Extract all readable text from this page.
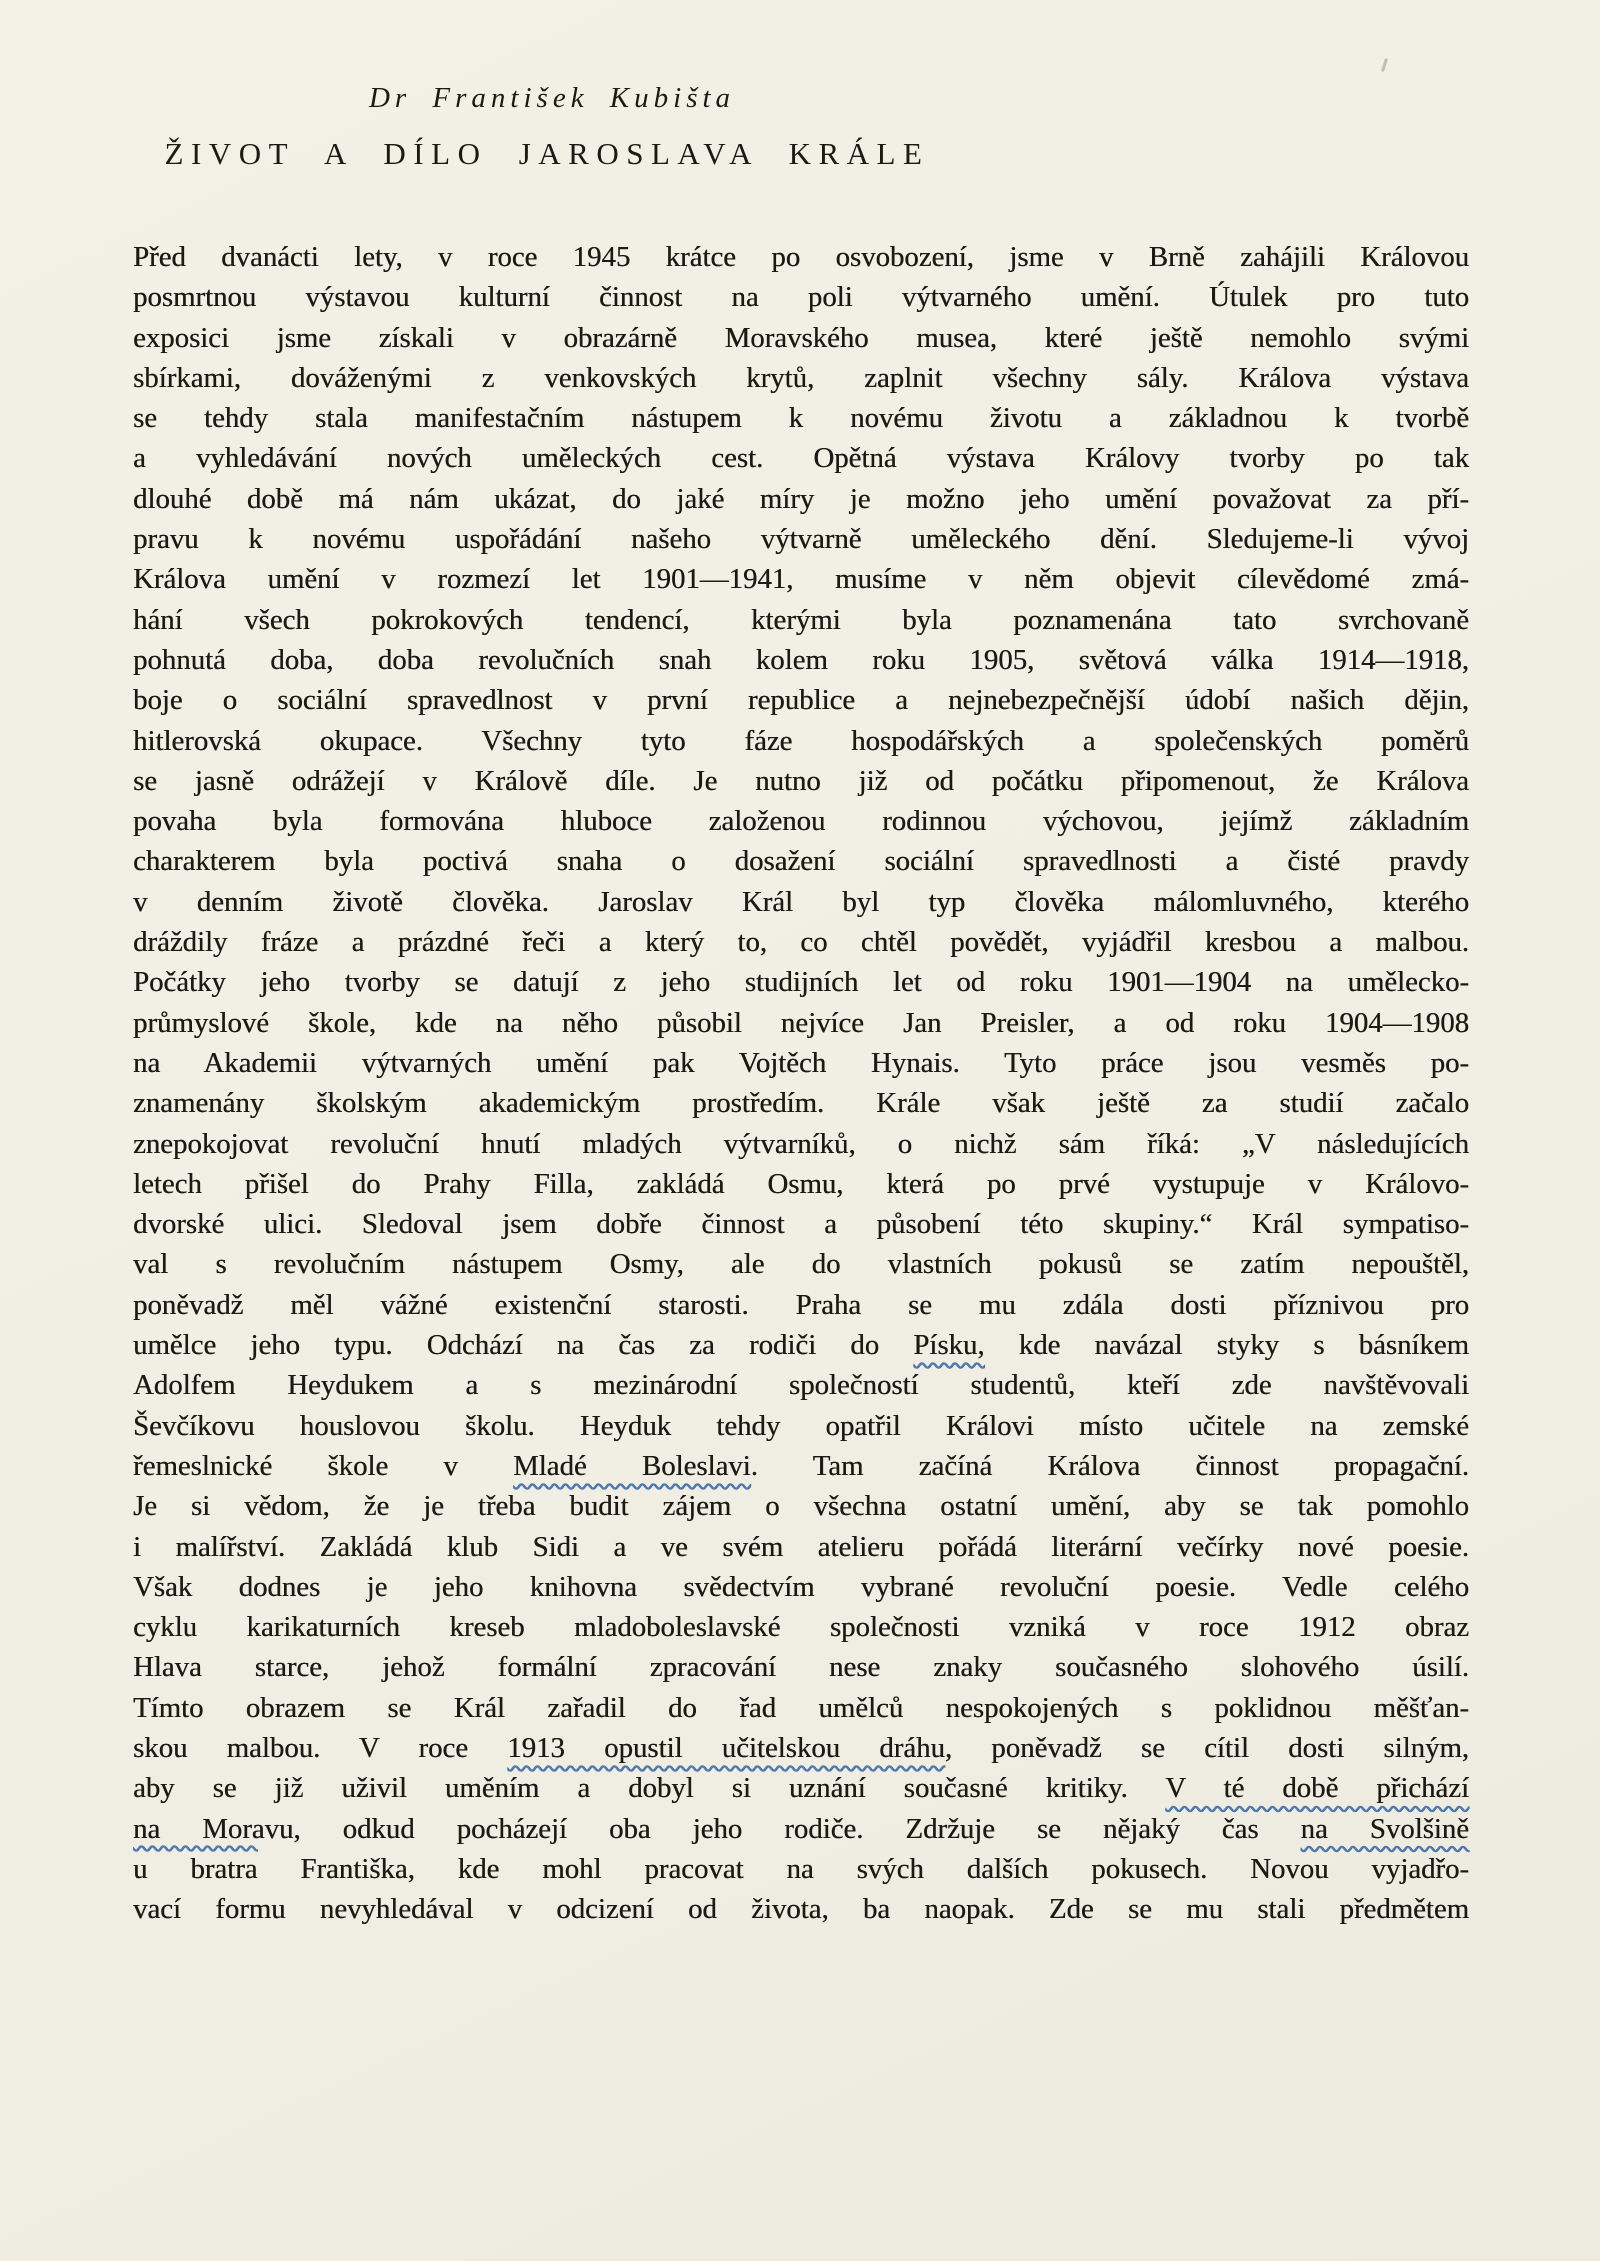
Dr František Kubišta
ŽIVOT A DÍLO JAROSLAVA KRÁLE
Před dvanácti lety, v roce 1945 krátce po osvobození, jsme v Brně zahájili Královou
posmrtnou výstavou kulturní činnost na poli výtvarného umění. Útulek pro tuto
exposici jsme získali v obrazárně Moravského musea, které ještě nemohlo svými
sbírkami, dováženými z venkovských krytů, zaplnit všechny sály. Králova výstava
se tehdy stala manifestačním nástupem k novému životu a základnou k tvorbě
a vyhledávání nových uměleckých cest. Opětná výstava Královy tvorby po tak
dlouhé době má nám ukázat, do jaké míry je možno jeho umění považovat za pří-
pravu k novému uspořádání našeho výtvarně uměleckého dění. Sledujeme-li vývoj
Králova umění v rozmezí let 1901—1941, musíme v něm objevit cílevědomé zmá-
hání všech pokrokových tendencí, kterými byla poznamenána tato svrchovaně
pohnutá doba, doba revolučních snah kolem roku 1905, světová válka 1914—1918,
boje o sociální spravedlnost v první republice a nejnebezpečnější údobí našich dějin,
hitlerovská okupace. Všechny tyto fáze hospodářských a společenských poměrů
se jasně odrážejí v Králově díle. Je nutno již od počátku připomenout, že Králova
povaha byla formována hluboce založenou rodinnou výchovou, jejímž základním
charakterem byla poctivá snaha o dosažení sociální spravedlnosti a čisté pravdy
v denním životě člověka. Jaroslav Král byl typ člověka málomluvného, kterého
dráždily fráze a prázdné řeči a který to, co chtěl povědět, vyjádřil kresbou a malbou.
Počátky jeho tvorby se datují z jeho studijních let od roku 1901—1904 na umělecko-
průmyslové škole, kde na něho působil nejvíce Jan Preisler, a od roku 1904—1908
na Akademii výtvarných umění pak Vojtěch Hynais. Tyto práce jsou vesměs po-
znamenány školským akademickým prostředím. Krále však ještě za studií začalo
znepokojovat revoluční hnutí mladých výtvarníků, o nichž sám říká: „V následujících
letech přišel do Prahy Filla, zakládá Osmu, která po prvé vystupuje v Královo-
dvorské ulici. Sledoval jsem dobře činnost a působení této skupiny.“ Král sympatiso-
val s revolučním nástupem Osmy, ale do vlastních pokusů se zatím nepouštěl,
poněvadž měl vážné existenční starosti. Praha se mu zdála dosti příznivou pro
umělce jeho typu. Odchází na čas za rodiči do Písku, kde navázal styky s básníkem
Adolfem Heydukem a s mezinárodní společností studentů, kteří zde navštěvovali
Ševčíkovu houslovou školu. Heyduk tehdy opatřil Královi místo učitele na zemské
řemeslnické škole v Mladé Boleslavi. Tam začíná Králova činnost propagační.
Je si vědom, že je třeba budit zájem o všechna ostatní umění, aby se tak pomohlo
i malířství. Zakládá klub Sidi a ve svém atelieru pořádá literární večírky nové poesie.
Však dodnes je jeho knihovna svědectvím vybrané revoluční poesie. Vedle celého
cyklu karikaturních kreseb mladoboleslavské společnosti vzniká v roce 1912 obraz
Hlava starce, jehož formální zpracování nese znaky současného slohového úsilí.
Tímto obrazem se Král zařadil do řad umělců nespokojených s poklidnou měšťan-
skou malbou. V roce 1913 opustil učitelskou dráhu, poněvadž se cítil dosti silným,
aby se již uživil uměním a dobyl si uznání současné kritiky. V té době přichází
na Moravu, odkud pocházejí oba jeho rodiče. Zdržuje se nějaký čas na Svolšině
u bratra Františka, kde mohl pracovat na svých dalších pokusech. Novou vyjadřo-
vací formu nevyhledával v odcizení od života, ba naopak. Zde se mu stali předmětem
